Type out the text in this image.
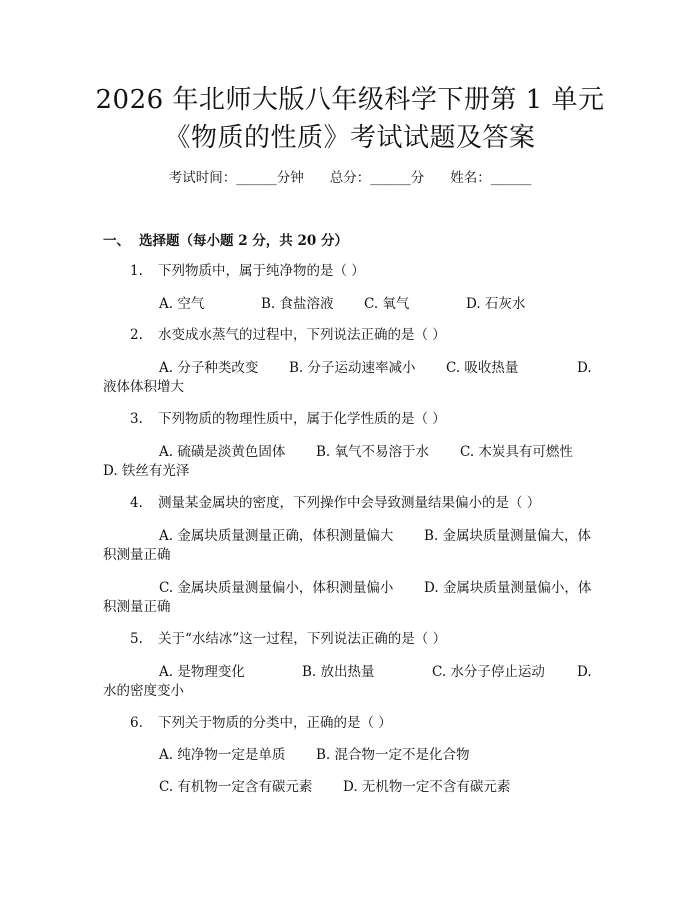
2026 年北师大版八年级科学下册第 1 单元
《物质的性质》考试试题及答案
考试时间：______分钟 总分：______分 姓名：______
一、 选择题（每小题 2 分，共 20 分）
1. 下列物质中，属于纯净物的是（ ）
A. 空气	B. 食盐溶液 C. 氧气	D. 石灰水
2. 水变成水蒸气的过程中，下列说法正确的是（ ）
A. 分子种类改变 B. 分子运动速率减小 C. 吸收热量	D.
液体体积增大
3. 下列物质的物理性质中，属于化学性质的是（ ）
A. 硫磺是淡黄色固体 B. 氧气不易溶于水 C. 木炭具有可燃性
D. 铁丝有光泽
4. 测量某金属块的密度，下列操作中会导致测量结果偏小的是（ ）
A. 金属块质量测量正确，体积测量偏大 B. 金属块质量测量偏大，体
积测量正确
C. 金属块质量测量偏小，体积测量偏小 D. 金属块质量测量偏小，体
积测量正确
5. 关于“水结冰”这一过程，下列说法正确的是（ ）
A. 是物理变化	B. 放出热量	C. 水分子停止运动 D.
水的密度变小
6. 下列关于物质的分类中，正确的是（ ）
A. 纯净物一定是单质 B. 混合物一定不是化合物
C. 有机物一定含有碳元素 D. 无机物一定不含有碳元素
